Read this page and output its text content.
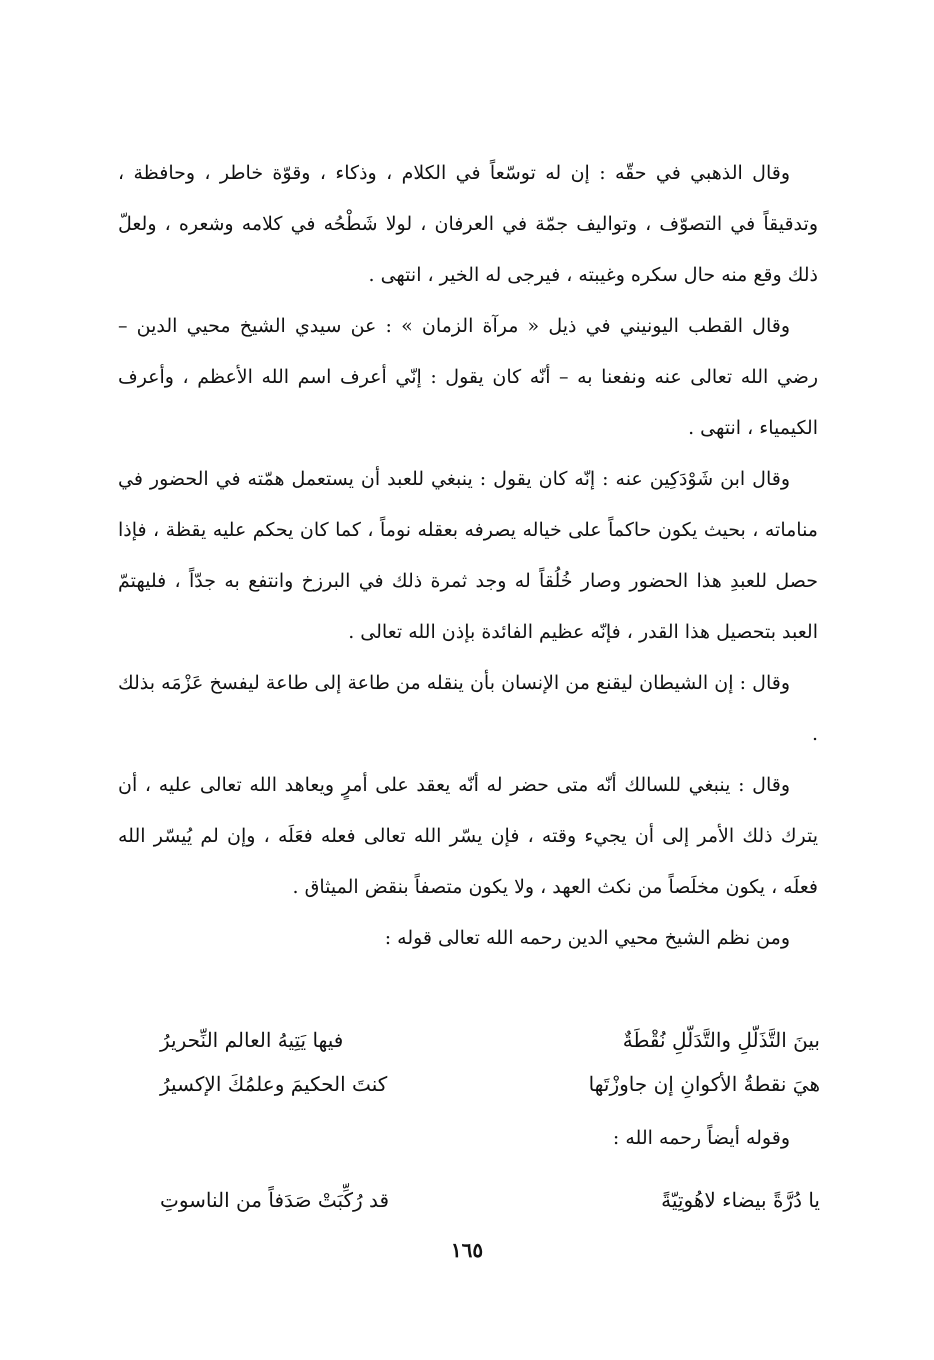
وقال الذهبي في حقّه : إن له توسّعاً في الكلام ، وذكاء ، وقوّة خاطر ، وحافظة ، وتدقيقاً في التصوّف ، وتواليف جمّة في العرفان ، لولا شَطْحُه في كلامه وشعره ، ولعلّ ذلك وقع منه حال سكره وغيبته ، فيرجى له الخير ، انتهى .

وقال القطب اليونيني في ذيل « مرآة الزمان » : عن سيدي الشيخ محيي الدين – رضي الله تعالى عنه ونفعنا به – أنّه كان يقول : إنّي أعرف اسم الله الأعظم ، وأعرف الكيمياء ، انتهى .

وقال ابن شَوْدَكِين عنه : إنّه كان يقول : ينبغي للعبد أن يستعمل همّته في الحضور في مناماته ، بحيث يكون حاكماً على خياله يصرفه بعقله نوماً ، كما كان يحكم عليه يقظة ، فإذا حصل للعبدِ هذا الحضور وصار خُلُقاً له وجد ثمرة ذلك في البرزخ وانتفع به جدّاً ، فليهتمّ العبد بتحصيل هذا القدر ، فإنّه عظيم الفائدة بإذن الله تعالى .

وقال : إن الشيطان ليقنع من الإنسان بأن ينقله من طاعة إلى طاعة ليفسخ عَزْمَه بذلك .

وقال : ينبغي للسالك أنّه متى حضر له أنّه يعقد على أمرٍ ويعاهد الله تعالى عليه ، أن يترك ذلك الأمر إلى أن يجيء وقته ، فإن يسّر الله تعالى فعله فعَلَه ، وإن لم يُيسّر الله فعلَه ، يكون مخلَصاً من نكث العهد ، ولا يكون متصفاً بنقض الميثاق .

ومن نظم الشيخ محيي الدين رحمه الله تعالى قوله :

بينَ التَّذَلّلِ والتَّدَلّلِ نُقْطَةٌ
فيها يَتِيهُ العالم النِّحريرُ
هيَ نقطةُ الأكوانِ إن جاوزْتَها
كنتَ الحكيمَ وعلمُكَ الإكسيرُ
وقوله أيضاً رحمه الله :
يا دُرَّةً بيضاء لاهُوتِيّةً
قد رُكِّبَتْ صَدَفاً من الناسوتِ
١٦٥
